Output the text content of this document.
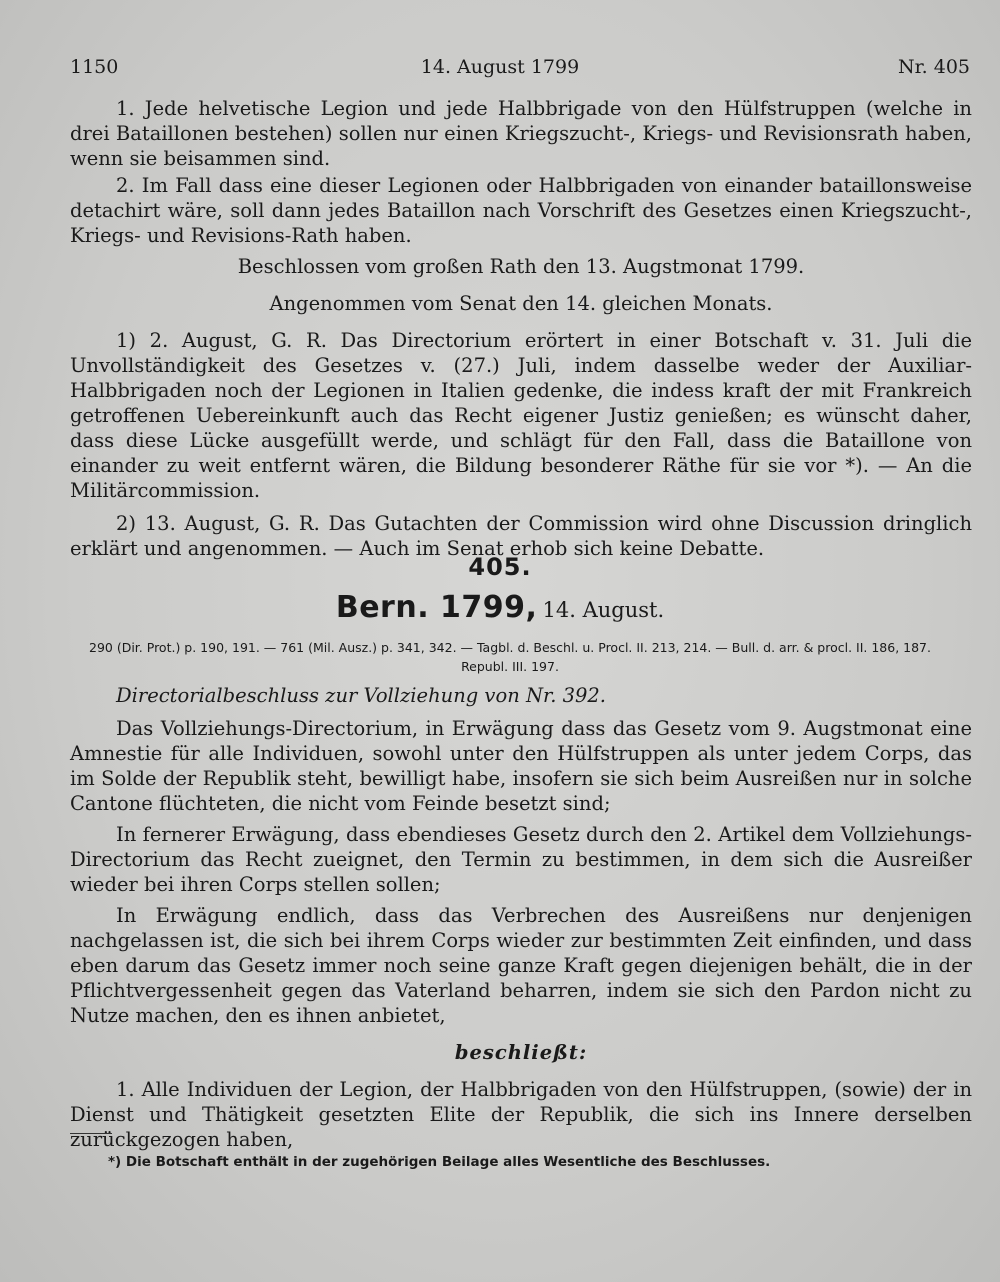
14. August 1799
1150	Nr. 405

1. Jede helvetische Legion und jede Halbbrigade von den Hülfstruppen (welche in drei Bataillonen bestehen) sollen nur einen Kriegszucht-, Kriegs- und Revisionsrath haben, wenn sie beisammen sind.

2. Im Fall dass eine dieser Legionen oder Halbbrigaden von einander bataillonsweise detachirt wäre, soll dann jedes Bataillon nach Vorschrift des Gesetzes einen Kriegszucht-, Kriegs- und Revisions-Rath haben.

Beschlossen vom großen Rath den 13. Augstmonat 1799.

Angenommen vom Senat den 14. gleichen Monats.

1) 2. August, G. R. Das Directorium erörtert in einer Botschaft v. 31. Juli die Unvollständigkeit des Gesetzes v. (27.) Juli, indem dasselbe weder der Auxiliar-Halbbrigaden noch der Legionen in Italien gedenke, die indess kraft der mit Frankreich getroffenen Uebereinkunft auch das Recht eigener Justiz genießen; es wünscht daher, dass diese Lücke ausgefüllt werde, und schlägt für den Fall, dass die Bataillone von einander zu weit entfernt wären, die Bildung besonderer Räthe für sie vor *). — An die Militärcommission.

2) 13. August, G. R. Das Gutachten der Commission wird ohne Discussion dringlich erklärt und angenommen. — Auch im Senat erhob sich keine Debatte.

405.
Bern. 1799, 14. August.
290 (Dir. Prot.) p. 190, 191. — 761 (Mil. Ausz.) p. 341, 342. — Tagbl. d. Beschl. u. Procl. II. 213, 214. — Bull. d. arr. & procl. II. 186, 187.
Republ. III. 197.

Directorialbeschluss zur Vollziehung von Nr. 392.

Das Vollziehungs-Directorium, in Erwägung dass das Gesetz vom 9. Augstmonat eine Amnestie für alle Individuen, sowohl unter den Hülfstruppen als unter jedem Corps, das im Solde der Republik steht, bewilligt habe, insofern sie sich beim Ausreißen nur in solche Cantone flüchteten, die nicht vom Feinde besetzt sind;

In fernerer Erwägung, dass ebendieses Gesetz durch den 2. Artikel dem Vollziehungs-Directorium das Recht zueignet, den Termin zu bestimmen, in dem sich die Ausreißer wieder bei ihren Corps stellen sollen;

In Erwägung endlich, dass das Verbrechen des Ausreißens nur denjenigen nachgelassen ist, die sich bei ihrem Corps wieder zur bestimmten Zeit einfinden, und dass eben darum das Gesetz immer noch seine ganze Kraft gegen diejenigen behält, die in der Pflichtvergessenheit gegen das Vaterland beharren, indem sie sich den Pardon nicht zu Nutze machen, den es ihnen anbietet,

beschließt:

1. Alle Individuen der Legion, der Halbbrigaden von den Hülfstruppen, (sowie) der in Dienst und Thätigkeit gesetzten Elite der Republik, die sich ins Innere derselben zurückgezogen haben,

*) Die Botschaft enthält in der zugehörigen Beilage alles Wesentliche des Beschlusses.
